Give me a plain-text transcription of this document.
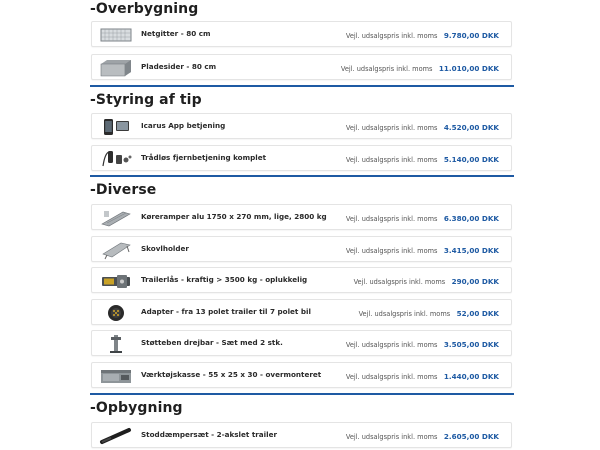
-Overbygning
Netgitter - 80 cm	Vejl. udsalgspris inkl. moms 9.780,00 DKK
Pladesider - 80 cm	Vejl. udsalgspris inkl. moms 11.010,00 DKK
-Styring af tip
Icarus App betjening	Vejl. udsalgspris inkl. moms 4.520,00 DKK
Trådløs fjernbetjening komplet	Vejl. udsalgspris inkl. moms 5.140,00 DKK
-Diverse
Køreramper alu 1750 x 270 mm, lige, 2800 kg	Vejl. udsalgspris inkl. moms 6.380,00 DKK
Skovlholder	Vejl. udsalgspris inkl. moms 3.415,00 DKK
Trailerlås - kraftig > 3500 kg - oplukkelig	Vejl. udsalgspris inkl. moms 290,00 DKK
Adapter - fra 13 polet trailer til 7 polet bil	Vejl. udsalgspris inkl. moms 52,00 DKK
Støtteben drejbar - Sæt med 2 stk.	Vejl. udsalgspris inkl. moms 3.505,00 DKK
Værktøjskasse - 55 x 25 x 30 - overmonteret	Vejl. udsalgspris inkl. moms 1.440,00 DKK
-Opbygning
Stoddæmpersæt - 2-akslet trailer	Vejl. udsalgspris inkl. moms 2.605,00 DKK
